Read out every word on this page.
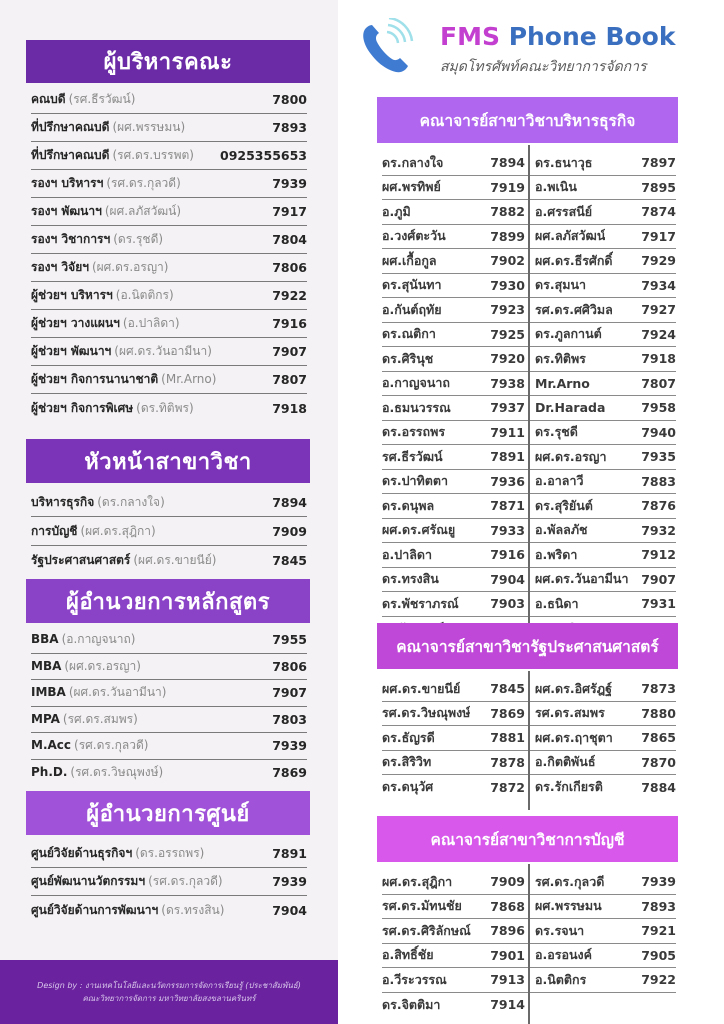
ผู้บริหารคณะ
หัวหน้าสาขาวิชา
ผู้อำนวยการหลักสูตร
ผู้อำนวยการศูนย์
คณบดี (รศ.ธีรวัฒน์)	7800
ที่ปรึกษาคณบดี (ผศ.พรรษมน)	7893
ที่ปรึกษาคณบดี (รศ.ดร.บรรพต) 0925355653
รองฯ บริหารฯ (รศ.ดร.กุลวดี)	7939
รองฯ พัฒนาฯ (ผศ.ลภัสวัฒน์)	7917
รองฯ วิชาการฯ (ดร.รุชดี)	7804
รองฯ วิจัยฯ (ผศ.ดร.อรญา)	7806
ผู้ช่วยฯ บริหารฯ (อ.นิตติกร)	7922
ผู้ช่วยฯ วางแผนฯ (อ.ปาลิดา)	7916
ผู้ช่วยฯ พัฒนาฯ (ผศ.ดร.วันอามีนา)	7907
ผู้ช่วยฯ กิจการนานาชาติ (Mr.Arno)	7807
ผู้ช่วยฯ กิจการพิเศษ (ดร.ทิติพร)	7918
บริหารธุรกิจ (ดร.กลางใจ)	7894
การบัญชี (ผศ.ดร.สุฎิกา)	7909
รัฐประศาสนศาสตร์ (ผศ.ดร.ขายนีย์)	7845
BBA (อ.กาญจนาถ)	7955
MBA (ผศ.ดร.อรญา)	7806
IMBA (ผศ.ดร.วันอามีนา)	7907
MPA (รศ.ดร.สมพร)	7803
M.Acc (รศ.ดร.กุลวดี)	7939
Ph.D. (รศ.ดร.วิษณุพงษ์)	7869
ศูนย์วิจัยด้านธุรกิจฯ (ดร.อรรถพร)	7891
ศูนย์พัฒนานวัตกรรมฯ (รศ.ดร.กุลวดี)	7939
ศูนย์วิจัยด้านการพัฒนาฯ (ดร.ทรงสิน)	7904
Design by : งานเทคโนโลยีและนวัตกรรมการจัดการเรียนรู้ (ประชาสัมพันธ์)
คณะวิทยาการจัดการ มหาวิทยาลัยสงขลานครินทร์
FMS Phone Book
สมุดโทรศัพท์คณะวิทยาการจัดการ
คณาจารย์สาขาวิชาบริหารธุรกิจ
ดร.กลางใจ	7894 ดร.ธนาวุธ	7897
ผศ.พรทิพย์	7919 อ.พเนิน	7895
อ.ภูมิ	7882 อ.ศรรสนีย์	7874
อ.วงศ์ตะวัน	7899 ผศ.ลภัสวัฒน์	7917
ผศ.เกื้อกูล	7902 ผศ.ดร.ธีรศักดิ์ 7929
ดร.สุนันทา	7930 ดร.สุมนา	7934
อ.กันต์ฤทัย	7923 รศ.ดร.ศศิวิมล 7927
ดร.ณติกา	7925 ดร.ภูลกานต์	7924
ดร.ศิรินุช	7920 ดร.ทิติพร	7918
อ.กาญจนาถ	7938 Mr.Arno	7807
อ.ธมนวรรณ	7937 Dr.Harada	7958
ดร.อรรถพร	7911 ดร.รุชดี	7940
รศ.ธีรวัฒน์	7891 ผศ.ดร.อรญา	7935
ดร.ปาทิตตา	7936 อ.อาลาวี	7883
ดร.ดนุพล	7871 ดร.สุริยันต์	7876
ผศ.ดร.ศรัณยู	7933 อ.พัลลภัช	7932
อ.ปาลิดา	7916 อ.พริดา	7912
ดร.ทรงสิน	7904 ผศ.ดร.วันอามีนา 7907
ดร.พัชราภรณ์	7903 อ.ธนิดา	7931
คณาจารย์สาขาวิชารัฐประศาสนศาสตร์
ผศ.ดร.ขายนีย์ 7845 ผศ.ดร.อิศรัฎฐ์ 7873
รศ.ดร.วิษณุพงษ์ 7869 รศ.ดร.สมพร	7880
ดร.ธัญรดี	7881 ผศ.ดร.ฤาชุตา 7865
ดร.สิริวิท	7878 อ.กิตติพันธ์	7870
ดร.ดนุวัศ	7872 ดร.รักเกียรติ	7884
คณาจารย์สาขาวิชาการบัญชี
ผศ.ดร.สุฎิกา	7909 รศ.ดร.กุลวดี	7939
รศ.ดร.มัทนชัย 7868 ผศ.พรรษมน	7893
รศ.ดร.ศิริลักษณ์ 7896 ดร.รจนา	7921
อ.สิทธิ์ชัย	7901 อ.อรอนงค์	7905
อ.วีระวรรณ	7913 อ.นิตติกร	7922
ดร.จิตติมา	7914
